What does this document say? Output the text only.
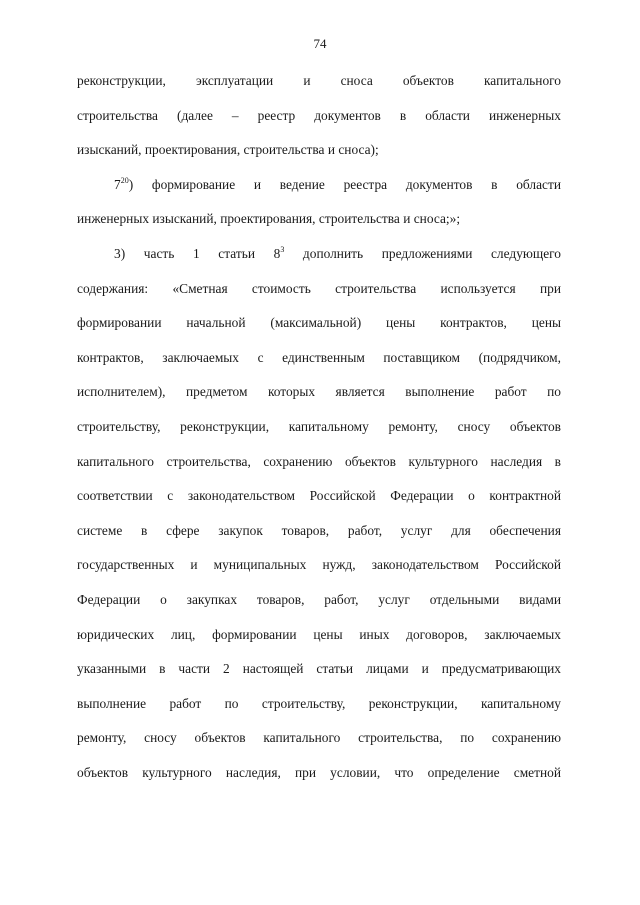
74
реконструкции, эксплуатации и сноса объектов капитального
строительства (далее – реестр документов в области инженерных
изысканий, проектирования, строительства и сноса);
$7^{20}$) формирование и ведение реестра документов в области
инженерных изысканий, проектирования, строительства и сноса;»;
3) часть 1 статьи $8^3$ дополнить предложениями следующего
содержания: «Сметная стоимость строительства используется при
формировании начальной (максимальной) цены контрактов, цены
контрактов, заключаемых с единственным поставщиком (подрядчиком,
исполнителем), предметом которых является выполнение работ по
строительству, реконструкции, капитальному ремонту, сносу объектов
капитального строительства, сохранению объектов культурного наследия в
соответствии с законодательством Российской Федерации о контрактной
системе в сфере закупок товаров, работ, услуг для обеспечения
государственных и муниципальных нужд, законодательством Российской
Федерации о закупках товаров, работ, услуг отдельными видами
юридических лиц, формировании цены иных договоров, заключаемых
указанными в части 2 настоящей статьи лицами и предусматривающих
выполнение работ по строительству, реконструкции, капитальному
ремонту, сносу объектов капитального строительства, по сохранению
объектов культурного наследия, при условии, что определение сметной
